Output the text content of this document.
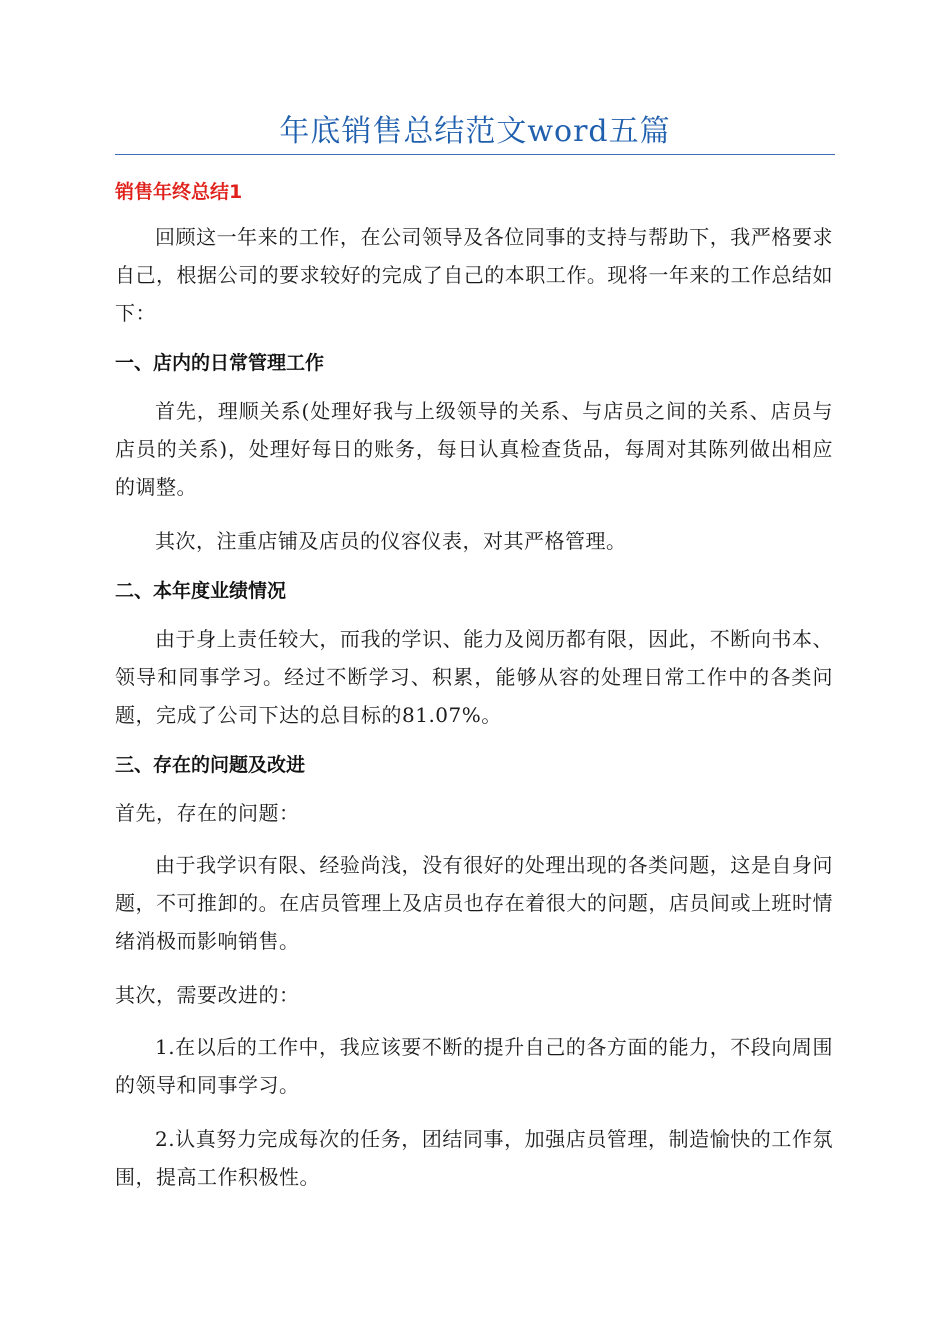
年底销售总结范文word五篇
销售年终总结1

回顾这一年来的工作，在公司领导及各位同事的支持与帮助下，我严格要求自己，根据公司的要求较好的完成了自己的本职工作。现将一年来的工作总结如下：

一、店内的日常管理工作

首先，理顺关系(处理好我与上级领导的关系、与店员之间的关系、店员与店员的关系)，处理好每日的账务，每日认真检查货品，每周对其陈列做出相应的调整。

其次，注重店铺及店员的仪容仪表，对其严格管理。

二、本年度业绩情况

由于身上责任较大，而我的学识、能力及阅历都有限，因此，不断向书本、领导和同事学习。经过不断学习、积累，能够从容的处理日常工作中的各类问题，完成了公司下达的总目标的81.07%。

三、存在的问题及改进

首先，存在的问题：

由于我学识有限、经验尚浅，没有很好的处理出现的各类问题，这是自身问题，不可推卸的。在店员管理上及店员也存在着很大的问题，店员间或上班时情绪消极而影响销售。

其次，需要改进的：

1.在以后的工作中，我应该要不断的提升自己的各方面的能力，不段向周围的领导和同事学习。

2.认真努力完成每次的任务，团结同事，加强店员管理，制造愉快的工作氛围，提高工作积极性。
